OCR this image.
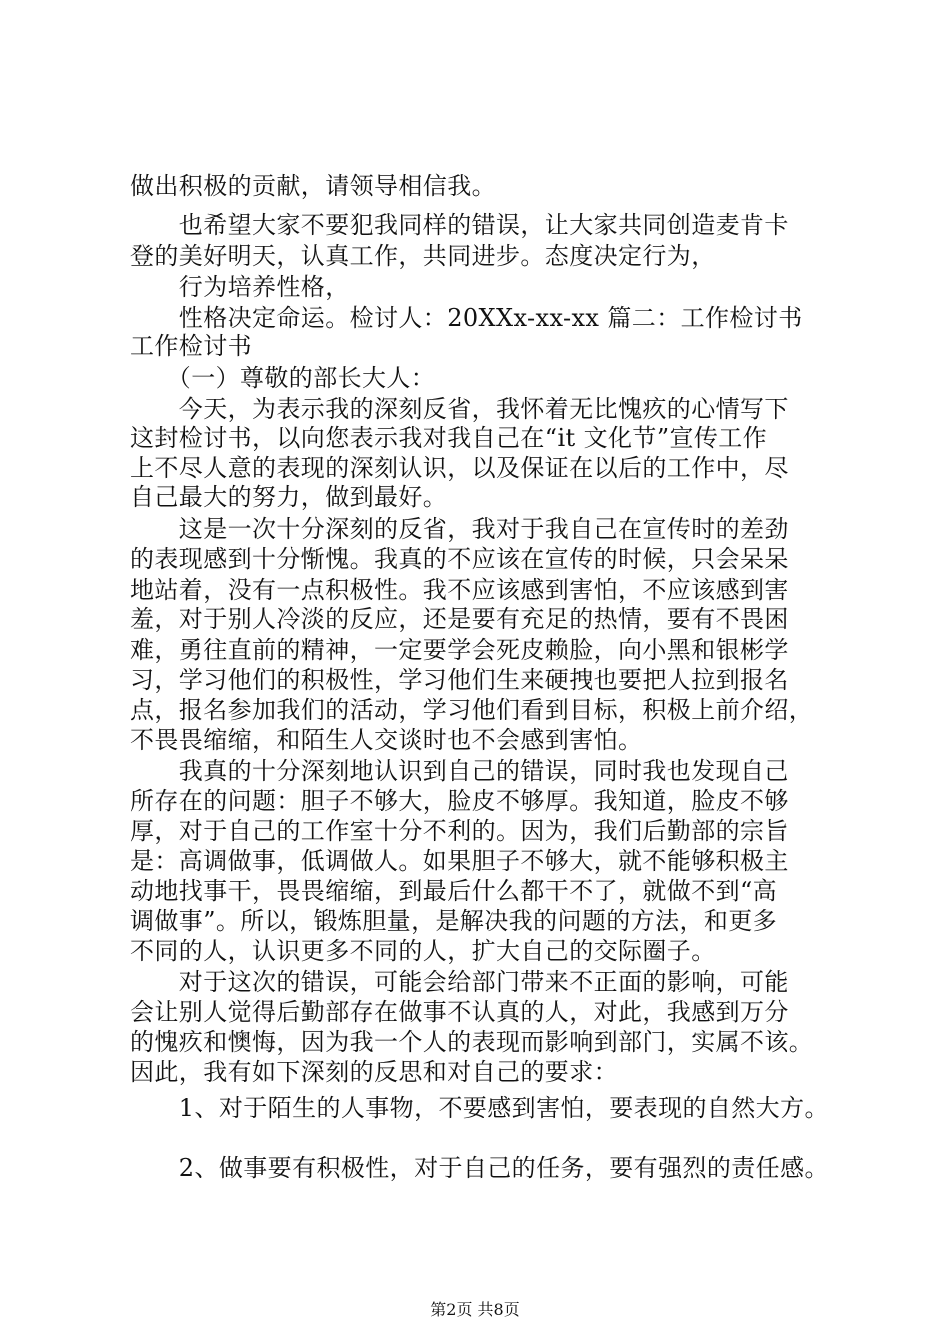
做出积极的贡献，请领导相信我。
　　也希望大家不要犯我同样的错误，让大家共同创造麦肯卡
登的美好明天，认真工作，共同进步。态度决定行为，
　　行为培养性格，
　　性格决定命运。检讨人：20XXx-xx-xx 篇二：工作检讨书
工作检讨书
　　（一）尊敬的部长大人：
　　今天，为表示我的深刻反省，我怀着无比愧疚的心情写下
这封检讨书，以向您表示我对我自己在“it 文化节”宣传工作
上不尽人意的表现的深刻认识，以及保证在以后的工作中，尽
自己最大的努力，做到最好。
　　这是一次十分深刻的反省，我对于我自己在宣传时的差劲
的表现感到十分惭愧。我真的不应该在宣传的时候，只会呆呆
地站着，没有一点积极性。我不应该感到害怕，不应该感到害
羞，对于别人冷淡的反应，还是要有充足的热情，要有不畏困
难，勇往直前的精神，一定要学会死皮赖脸，向小黑和银彬学
习，学习他们的积极性，学习他们生来硬拽也要把人拉到报名
点，报名参加我们的活动，学习他们看到目标，积极上前介绍，
不畏畏缩缩，和陌生人交谈时也不会感到害怕。
　　我真的十分深刻地认识到自己的错误，同时我也发现自己
所存在的问题：胆子不够大，脸皮不够厚。我知道，脸皮不够
厚，对于自己的工作室十分不利的。因为，我们后勤部的宗旨
是：高调做事，低调做人。如果胆子不够大，就不能够积极主
动地找事干，畏畏缩缩，到最后什么都干不了，就做不到“高
调做事”。所以，锻炼胆量，是解决我的问题的方法，和更多
不同的人，认识更多不同的人，扩大自己的交际圈子。
　　对于这次的错误，可能会给部门带来不正面的影响，可能
会让别人觉得后勤部存在做事不认真的人，对此，我感到万分
的愧疚和懊悔，因为我一个人的表现而影响到部门，实属不该。
因此，我有如下深刻的反思和对自己的要求：
　　1、对于陌生的人事物，不要感到害怕，要表现的自然大方。
　　2、做事要有积极性，对于自己的任务，要有强烈的责任感。
第2页 共8页
